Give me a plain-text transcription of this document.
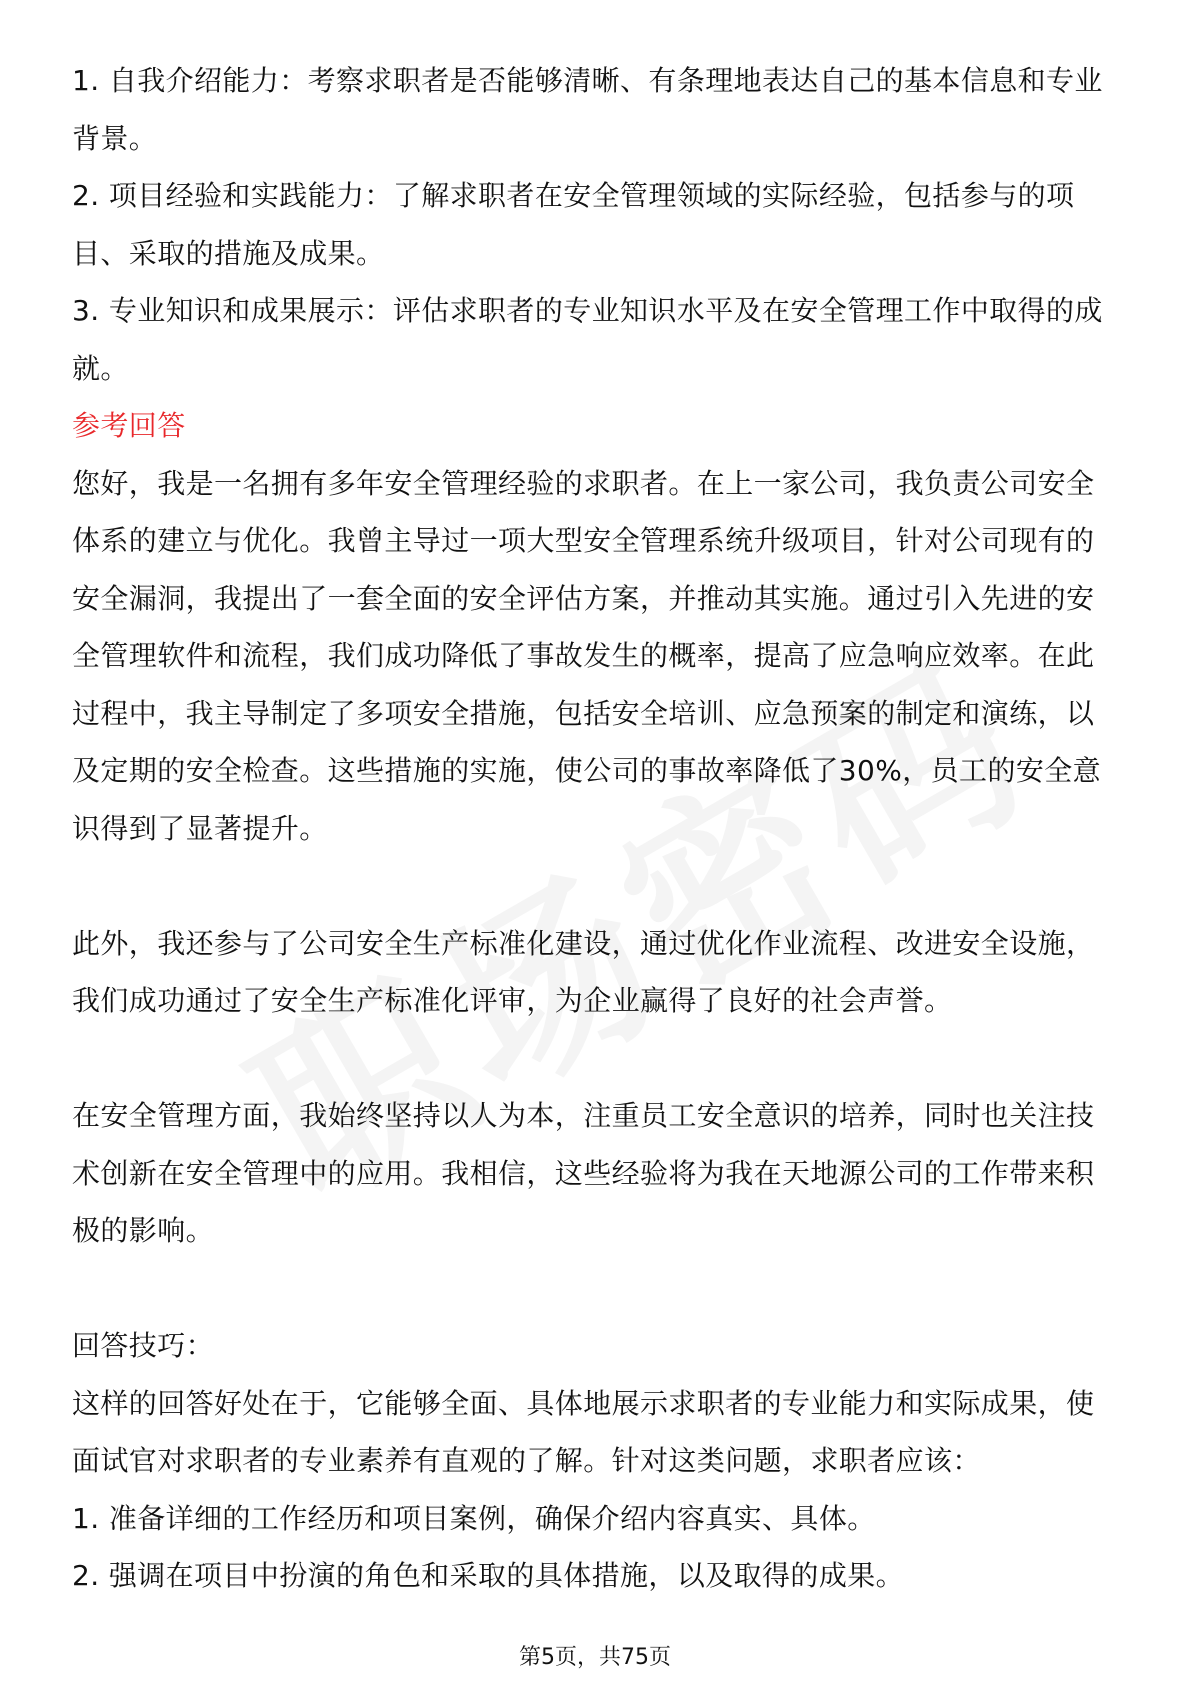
1. 自我介绍能力：考察求职者是否能够清晰、有条理地表达自己的基本信息和专业背景。

2. 项目经验和实践能力：了解求职者在安全管理领域的实际经验，包括参与的项目、采取的措施及成果。

3. 专业知识和成果展示：评估求职者的专业知识水平及在安全管理工作中取得的成就。

参考回答

您好，我是一名拥有多年安全管理经验的求职者。在上一家公司，我负责公司安全体系的建立与优化。我曾主导过一项大型安全管理系统升级项目，针对公司现有的安全漏洞，我提出了一套全面的安全评估方案，并推动其实施。通过引入先进的安全管理软件和流程，我们成功降低了事故发生的概率，提高了应急响应效率。在此过程中，我主导制定了多项安全措施，包括安全培训、应急预案的制定和演练，以及定期的安全检查。这些措施的实施，使公司的事故率降低了30%，员工的安全意识得到了显著提升。

此外，我还参与了公司安全生产标准化建设，通过优化作业流程、改进安全设施，我们成功通过了安全生产标准化评审，为企业赢得了良好的社会声誉。

在安全管理方面，我始终坚持以人为本，注重员工安全意识的培养，同时也关注技术创新在安全管理中的应用。我相信，这些经验将为我在天地源公司的工作带来积极的影响。

回答技巧：

这样的回答好处在于，它能够全面、具体地展示求职者的专业能力和实际成果，使面试官对求职者的专业素养有直观的了解。针对这类问题，求职者应该：

1. 准备详细的工作经历和项目案例，确保介绍内容真实、具体。

2. 强调在项目中扮演的角色和采取的具体措施，以及取得的成果。

第5页，共75页
